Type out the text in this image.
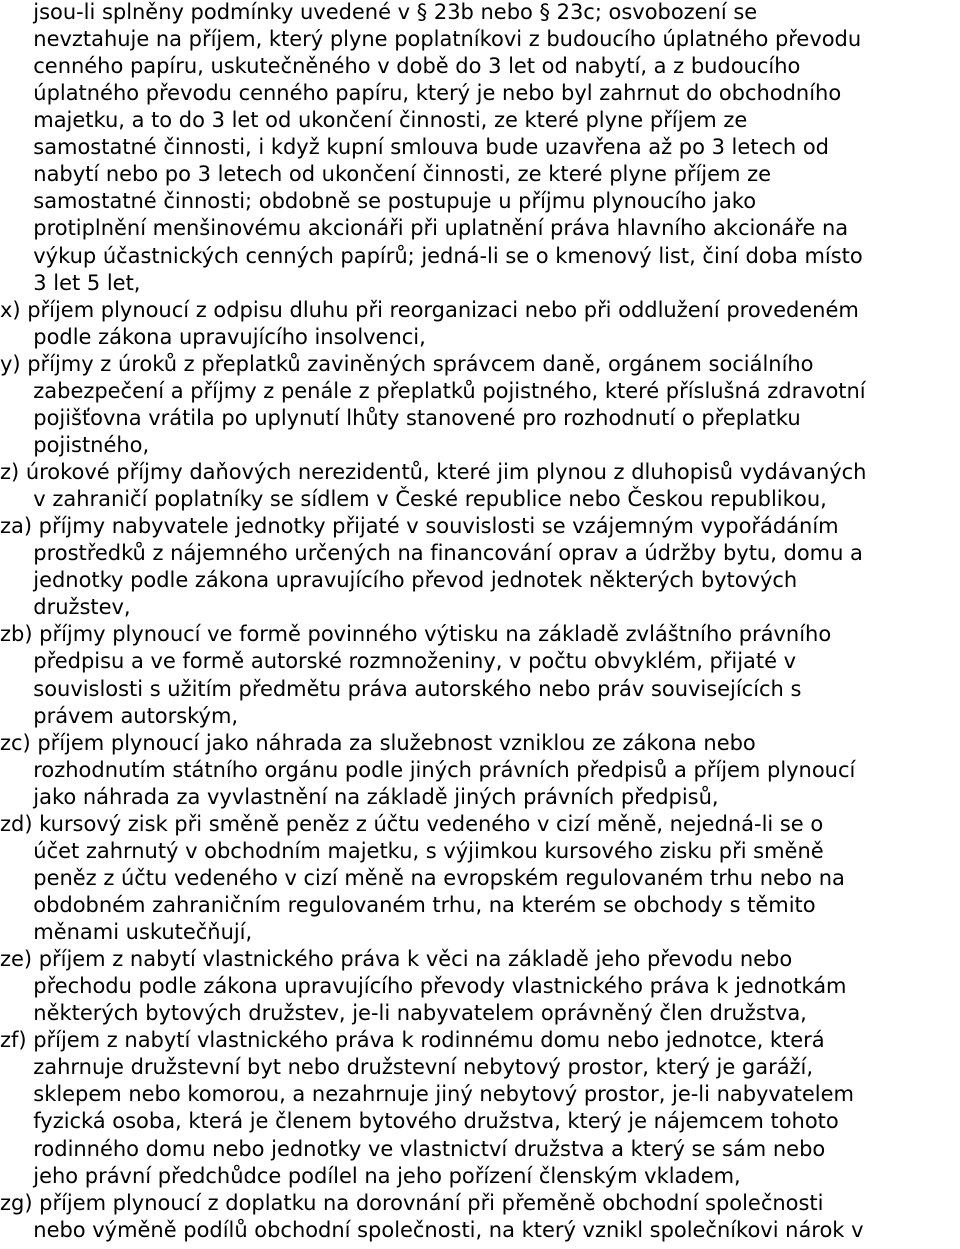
jsou-li splněny podmínky uvedené v § 23b nebo § 23c; osvobození se
nevztahuje na příjem, který plyne poplatníkovi z budoucího úplatného převodu
cenného papíru, uskutečněného v době do 3 let od nabytí, a z budoucího
úplatného převodu cenného papíru, který je nebo byl zahrnut do obchodního
majetku, a to do 3 let od ukončení činnosti, ze které plyne příjem ze
samostatné činnosti, i když kupní smlouva bude uzavřena až po 3 letech od
nabytí nebo po 3 letech od ukončení činnosti, ze které plyne příjem ze
samostatné činnosti; obdobně se postupuje u příjmu plynoucího jako
protiplnění menšinovému akcionáři při uplatnění práva hlavního akcionáře na
výkup účastnických cenných papírů; jedná-li se o kmenový list, činí doba místo
3 let 5 let,
x) příjem plynoucí z odpisu dluhu při reorganizaci nebo při oddlužení provedeném
podle zákona upravujícího insolvenci,
y) příjmy z úroků z přeplatků zaviněných správcem daně, orgánem sociálního
zabezpečení a příjmy z penále z přeplatků pojistného, které příslušná zdravotní
pojišťovna vrátila po uplynutí lhůty stanovené pro rozhodnutí o přeplatku
pojistného,
z) úrokové příjmy daňových nerezidentů, které jim plynou z dluhopisů vydávaných
v zahraničí poplatníky se sídlem v České republice nebo Českou republikou,
za) příjmy nabyvatele jednotky přijaté v souvislosti se vzájemným vypořádáním
prostředků z nájemného určených na financování oprav a údržby bytu, domu a
jednotky podle zákona upravujícího převod jednotek některých bytových
družstev,
zb) příjmy plynoucí ve formě povinného výtisku na základě zvláštního právního
předpisu a ve formě autorské rozmnoženiny, v počtu obvyklém, přijaté v
souvislosti s užitím předmětu práva autorského nebo práv souvisejících s
právem autorským,
zc) příjem plynoucí jako náhrada za služebnost vzniklou ze zákona nebo
rozhodnutím státního orgánu podle jiných právních předpisů a příjem plynoucí
jako náhrada za vyvlastnění na základě jiných právních předpisů,
zd) kursový zisk při směně peněz z účtu vedeného v cizí měně, nejedná-li se o
účet zahrnutý v obchodním majetku, s výjimkou kursového zisku při směně
peněz z účtu vedeného v cizí měně na evropském regulovaném trhu nebo na
obdobném zahraničním regulovaném trhu, na kterém se obchody s těmito
měnami uskutečňují,
ze) příjem z nabytí vlastnického práva k věci na základě jeho převodu nebo
přechodu podle zákona upravujícího převody vlastnického práva k jednotkám
některých bytových družstev, je-li nabyvatelem oprávněný člen družstva,
zf) příjem z nabytí vlastnického práva k rodinnému domu nebo jednotce, která
zahrnuje družstevní byt nebo družstevní nebytový prostor, který je garáží,
sklepem nebo komorou, a nezahrnuje jiný nebytový prostor, je-li nabyvatelem
fyzická osoba, která je členem bytového družstva, který je nájemcem tohoto
rodinného domu nebo jednotky ve vlastnictví družstva a který se sám nebo
jeho právní předchůdce podílel na jeho pořízení členským vkladem,
zg) příjem plynoucí z doplatku na dorovnání při přeměně obchodní společnosti
nebo výměně podílů obchodní společnosti, na který vznikl společníkovi nárok v
